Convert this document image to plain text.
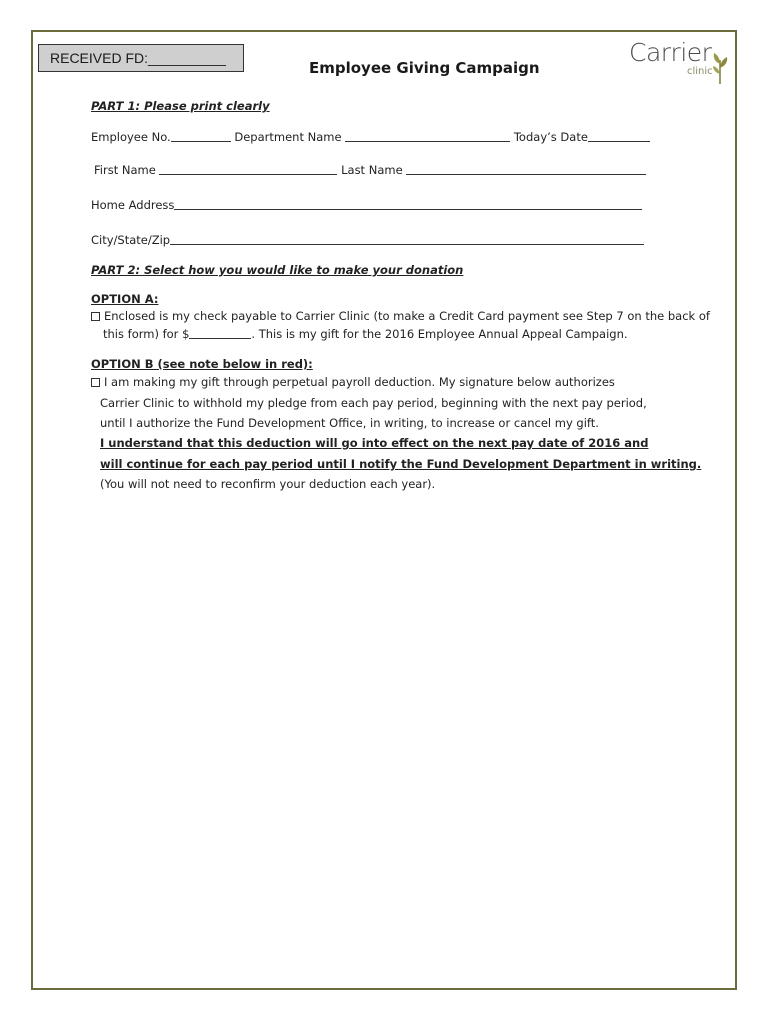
RECEIVED FD:__________
Employee Giving Campaign
Carrier
clinic
PART 1: Please print clearly
Employee No.	Department Name	Today’s Date
First Name	Last Name
Home Address
City/State/Zip
PART 2: Select how you would like to make your donation
OPTION A:
Enclosed is my check payable to Carrier Clinic (to make a Credit Card payment see Step 7 on the back of
this form) for $	. This is my gift for the 2016 Employee Annual Appeal Campaign.
OPTION B (see note below in red):
I am making my gift through perpetual payroll deduction. My signature below authorizes
Carrier Clinic to withhold my pledge from each pay period, beginning with the next pay period,
until I authorize the Fund Development Office, in writing, to increase or cancel my gift.
I understand that this deduction will go into effect on the next pay date of 2016 and
will continue for each pay period until I notify the Fund Development Department in writing.
(You will not need to reconfirm your deduction each year).
